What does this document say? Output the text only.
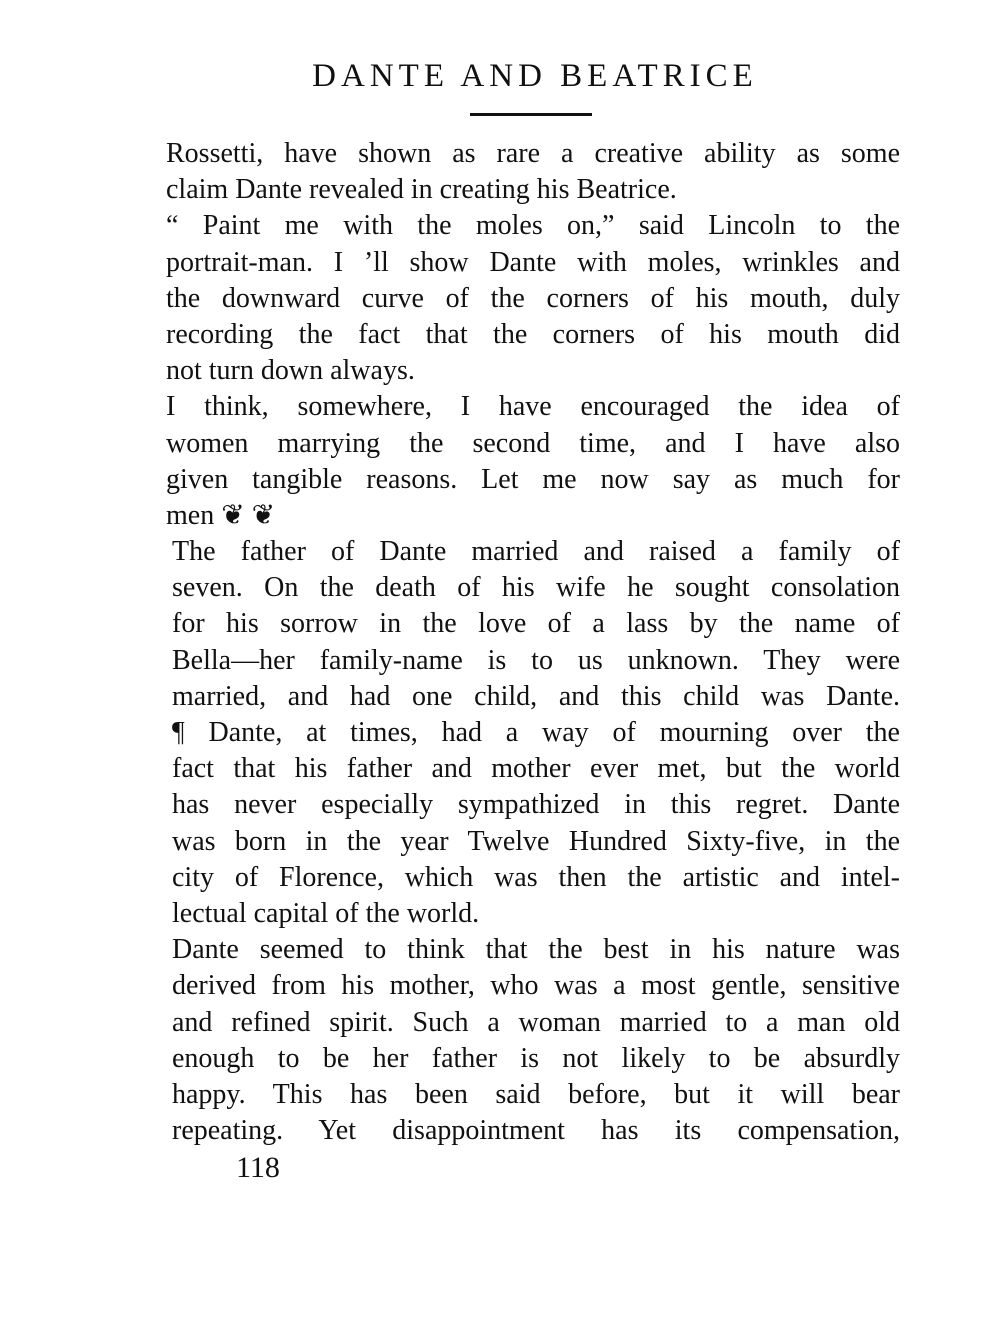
DANTE AND BEATRICE
Rossetti, have shown as rare a creative ability as some
claim Dante revealed in creating his Beatrice.
“ Paint me with the moles on,” said Lincoln to the
portrait-man. I ’ll show Dante with moles, wrinkles and
the downward curve of the corners of his mouth, duly
recording the fact that the corners of his mouth did
not turn down always.
I think, somewhere, I have encouraged the idea of
women marrying the second time, and I have also
given tangible reasons. Let me now say as much for
men ❦ ❦
The father of Dante married and raised a family of
seven. On the death of his wife he sought consolation
for his sorrow in the love of a lass by the name of
Bella—her family-name is to us unknown. They were
married, and had one child, and this child was Dante.
¶ Dante, at times, had a way of mourning over the
fact that his father and mother ever met, but the world
has never especially sympathized in this regret. Dante
was born in the year Twelve Hundred Sixty-five, in the
city of Florence, which was then the artistic and intel-
lectual capital of the world.
Dante seemed to think that the best in his nature was
derived from his mother, who was a most gentle, sensitive
and refined spirit. Such a woman married to a man old
enough to be her father is not likely to be absurdly
happy. This has been said before, but it will bear
repeating. Yet disappointment has its compensation,
118
